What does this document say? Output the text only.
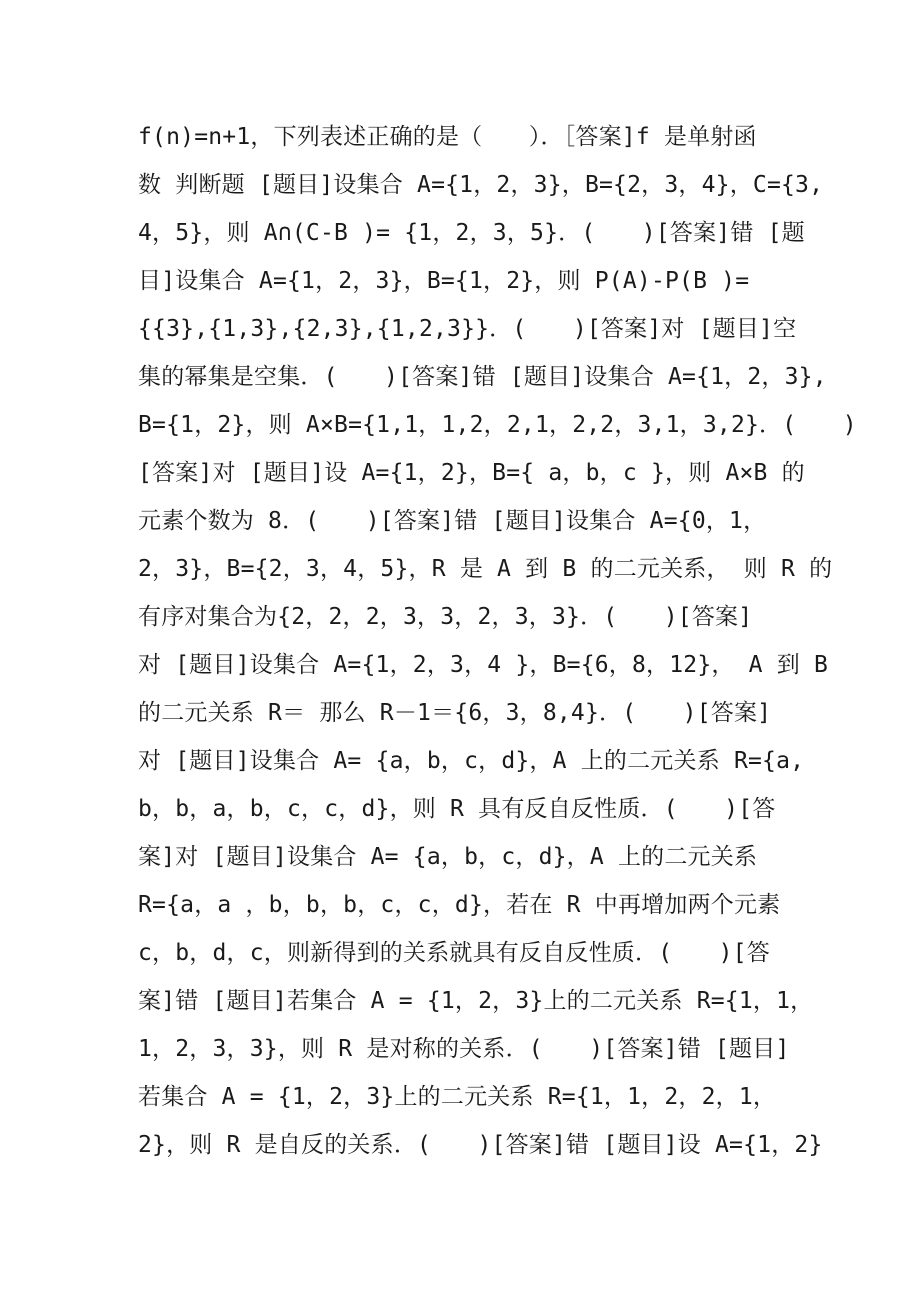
f(n)=n+1，下列表述正确的是（　　）．［答案]f 是单射函
数 判断题 [题目]设集合 A={1，2，3}，B={2，3，4}，C={3,
4，5}，则 A∩(C-B )= {1，2，3，5}．(　　)[答案]错 [题
目]设集合 A={1，2，3}，B={1，2}，则 P(A)-P(B )=
{{3},{1,3},{2,3},{1,2,3}}．(　　)[答案]对 [题目]空
集的幂集是空集．(　　)[答案]错 [题目]设集合 A={1，2，3},
B={1，2}，则 A×B={1,1，1,2，2,1，2,2，3,1，3,2}．(　　)
[答案]对 [题目]设 A={1，2}，B={ a，b，c }，则 A×B 的
元素个数为 8．(　　)[答案]错 [题目]设集合 A={0，1，
2，3}，B={2，3，4，5}，R 是 A 到 B 的二元关系， 则 R 的
有序对集合为{2，2，2，3，3，2，3，3}．(　　)[答案]
对 [题目]设集合 A={1，2，3，4 }，B={6，8，12}， A 到 B
的二元关系 R＝ 那么 R－1＝{6，3，8,4}．(　　)[答案]
对 [题目]设集合 A= {a，b，c，d}，A 上的二元关系 R={a,
b，b，a，b，c，c，d}，则 R 具有反自反性质．(　　)[答
案]对 [题目]设集合 A= {a，b，c，d}，A 上的二元关系
R={a，a ，b，b，b，c，c，d}，若在 R 中再增加两个元素
c，b，d，c，则新得到的关系就具有反自反性质．(　　)[答
案]错 [题目]若集合 A = {1，2，3}上的二元关系 R={1，1，
1，2，3，3}，则 R 是对称的关系．(　　)[答案]错 [题目]
若集合 A = {1，2，3}上的二元关系 R={1，1，2，2，1，
2}，则 R 是自反的关系．(　　)[答案]错 [题目]设 A={1，2}
